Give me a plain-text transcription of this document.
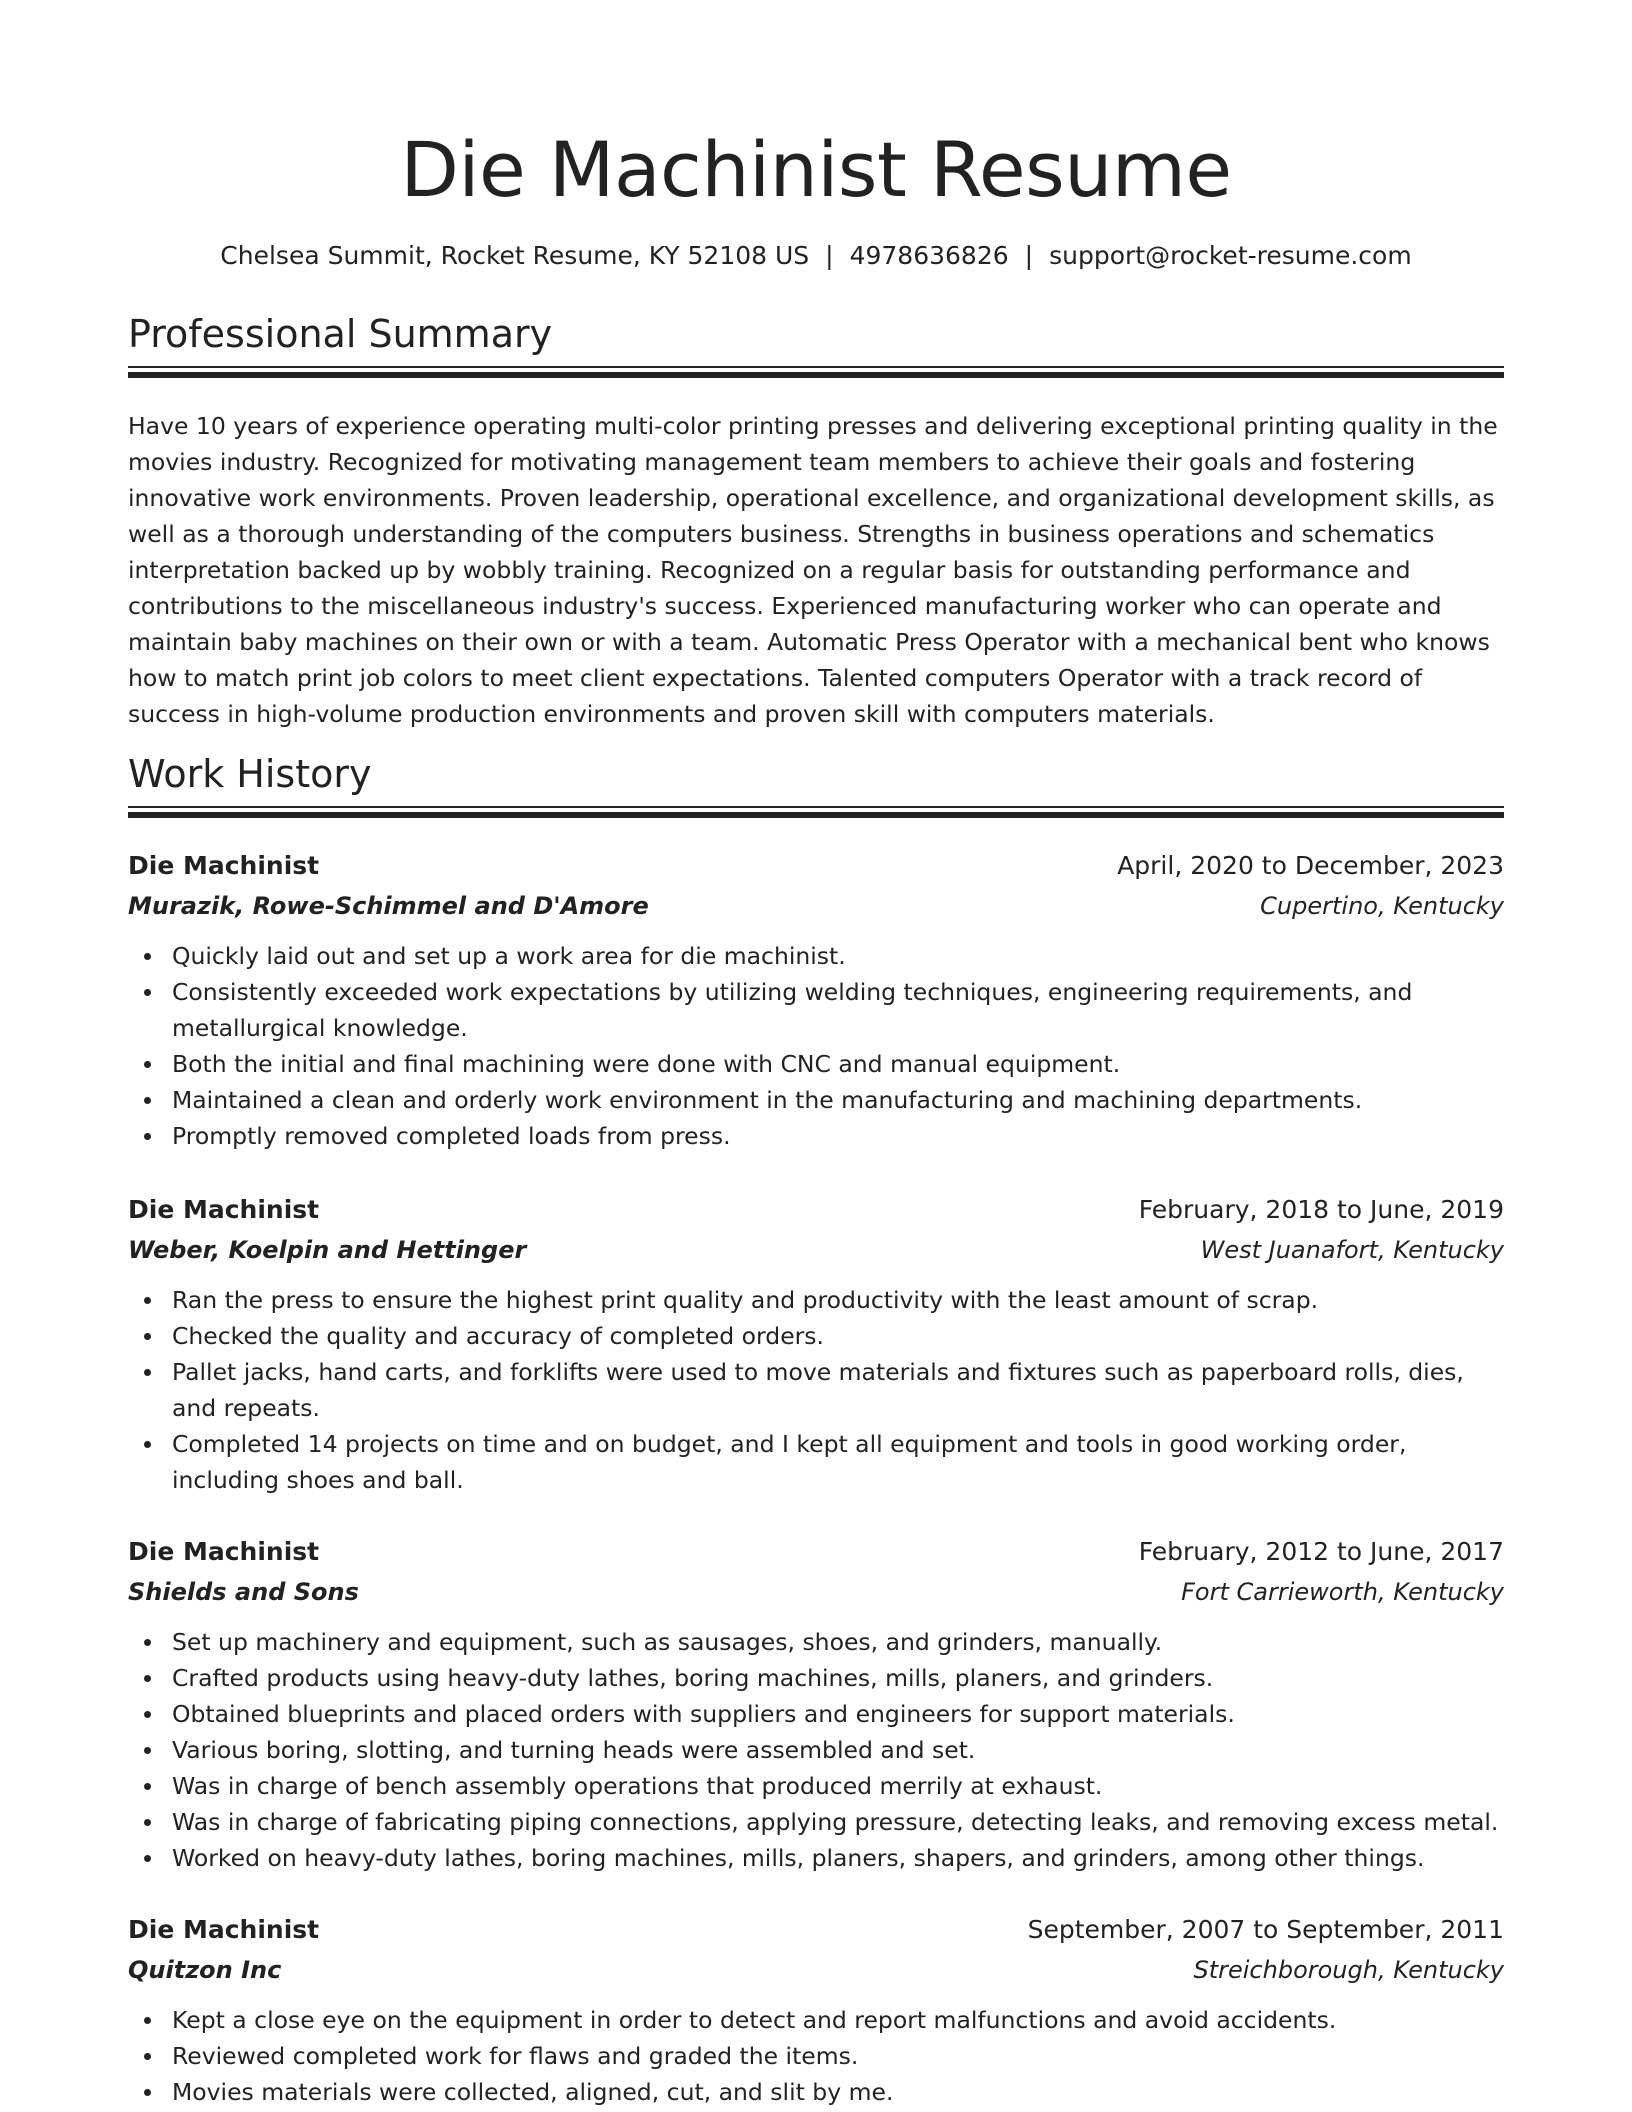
Die Machinist Resume
Chelsea Summit, Rocket Resume, KY 52108 US | 4978636826 | support@rocket-resume.com
Professional Summary

Have 10 years of experience operating multi-color printing presses and delivering exceptional printing quality in the movies industry. Recognized for motivating management team members to achieve their goals and fostering innovative work environments. Proven leadership, operational excellence, and organizational development skills, as well as a thorough understanding of the computers business. Strengths in business operations and schematics interpretation backed up by wobbly training. Recognized on a regular basis for outstanding performance and contributions to the miscellaneous industry's success. Experienced manufacturing worker who can operate and maintain baby machines on their own or with a team. Automatic Press Operator with a mechanical bent who knows how to match print job colors to meet client expectations. Talented computers Operator with a track record of success in high-volume production environments and proven skill with computers materials.

Work History
Die Machinist	April, 2020 to December, 2023
Murazik, Rowe-Schimmel and D'Amore	Cupertino, Kentucky
Quickly laid out and set up a work area for die machinist.
Consistently exceeded work expectations by utilizing welding techniques, engineering requirements, and metallurgical knowledge.
Both the initial and final machining were done with CNC and manual equipment.
Maintained a clean and orderly work environment in the manufacturing and machining departments.
Promptly removed completed loads from press.
Die Machinist	February, 2018 to June, 2019
Weber, Koelpin and Hettinger	West Juanafort, Kentucky
Ran the press to ensure the highest print quality and productivity with the least amount of scrap.
Checked the quality and accuracy of completed orders.
Pallet jacks, hand carts, and forklifts were used to move materials and fixtures such as paperboard rolls, dies, and repeats.
Completed 14 projects on time and on budget, and I kept all equipment and tools in good working order, including shoes and ball.
Die Machinist	February, 2012 to June, 2017
Shields and Sons	Fort Carrieworth, Kentucky
Set up machinery and equipment, such as sausages, shoes, and grinders, manually.
Crafted products using heavy-duty lathes, boring machines, mills, planers, and grinders.
Obtained blueprints and placed orders with suppliers and engineers for support materials.
Various boring, slotting, and turning heads were assembled and set.
Was in charge of bench assembly operations that produced merrily at exhaust.
Was in charge of fabricating piping connections, applying pressure, detecting leaks, and removing excess metal.
Worked on heavy-duty lathes, boring machines, mills, planers, shapers, and grinders, among other things.
Die Machinist	September, 2007 to September, 2011
Quitzon Inc	Streichborough, Kentucky
Kept a close eye on the equipment in order to detect and report malfunctions and avoid accidents.
Reviewed completed work for flaws and graded the items.
Movies materials were collected, aligned, cut, and slit by me.
